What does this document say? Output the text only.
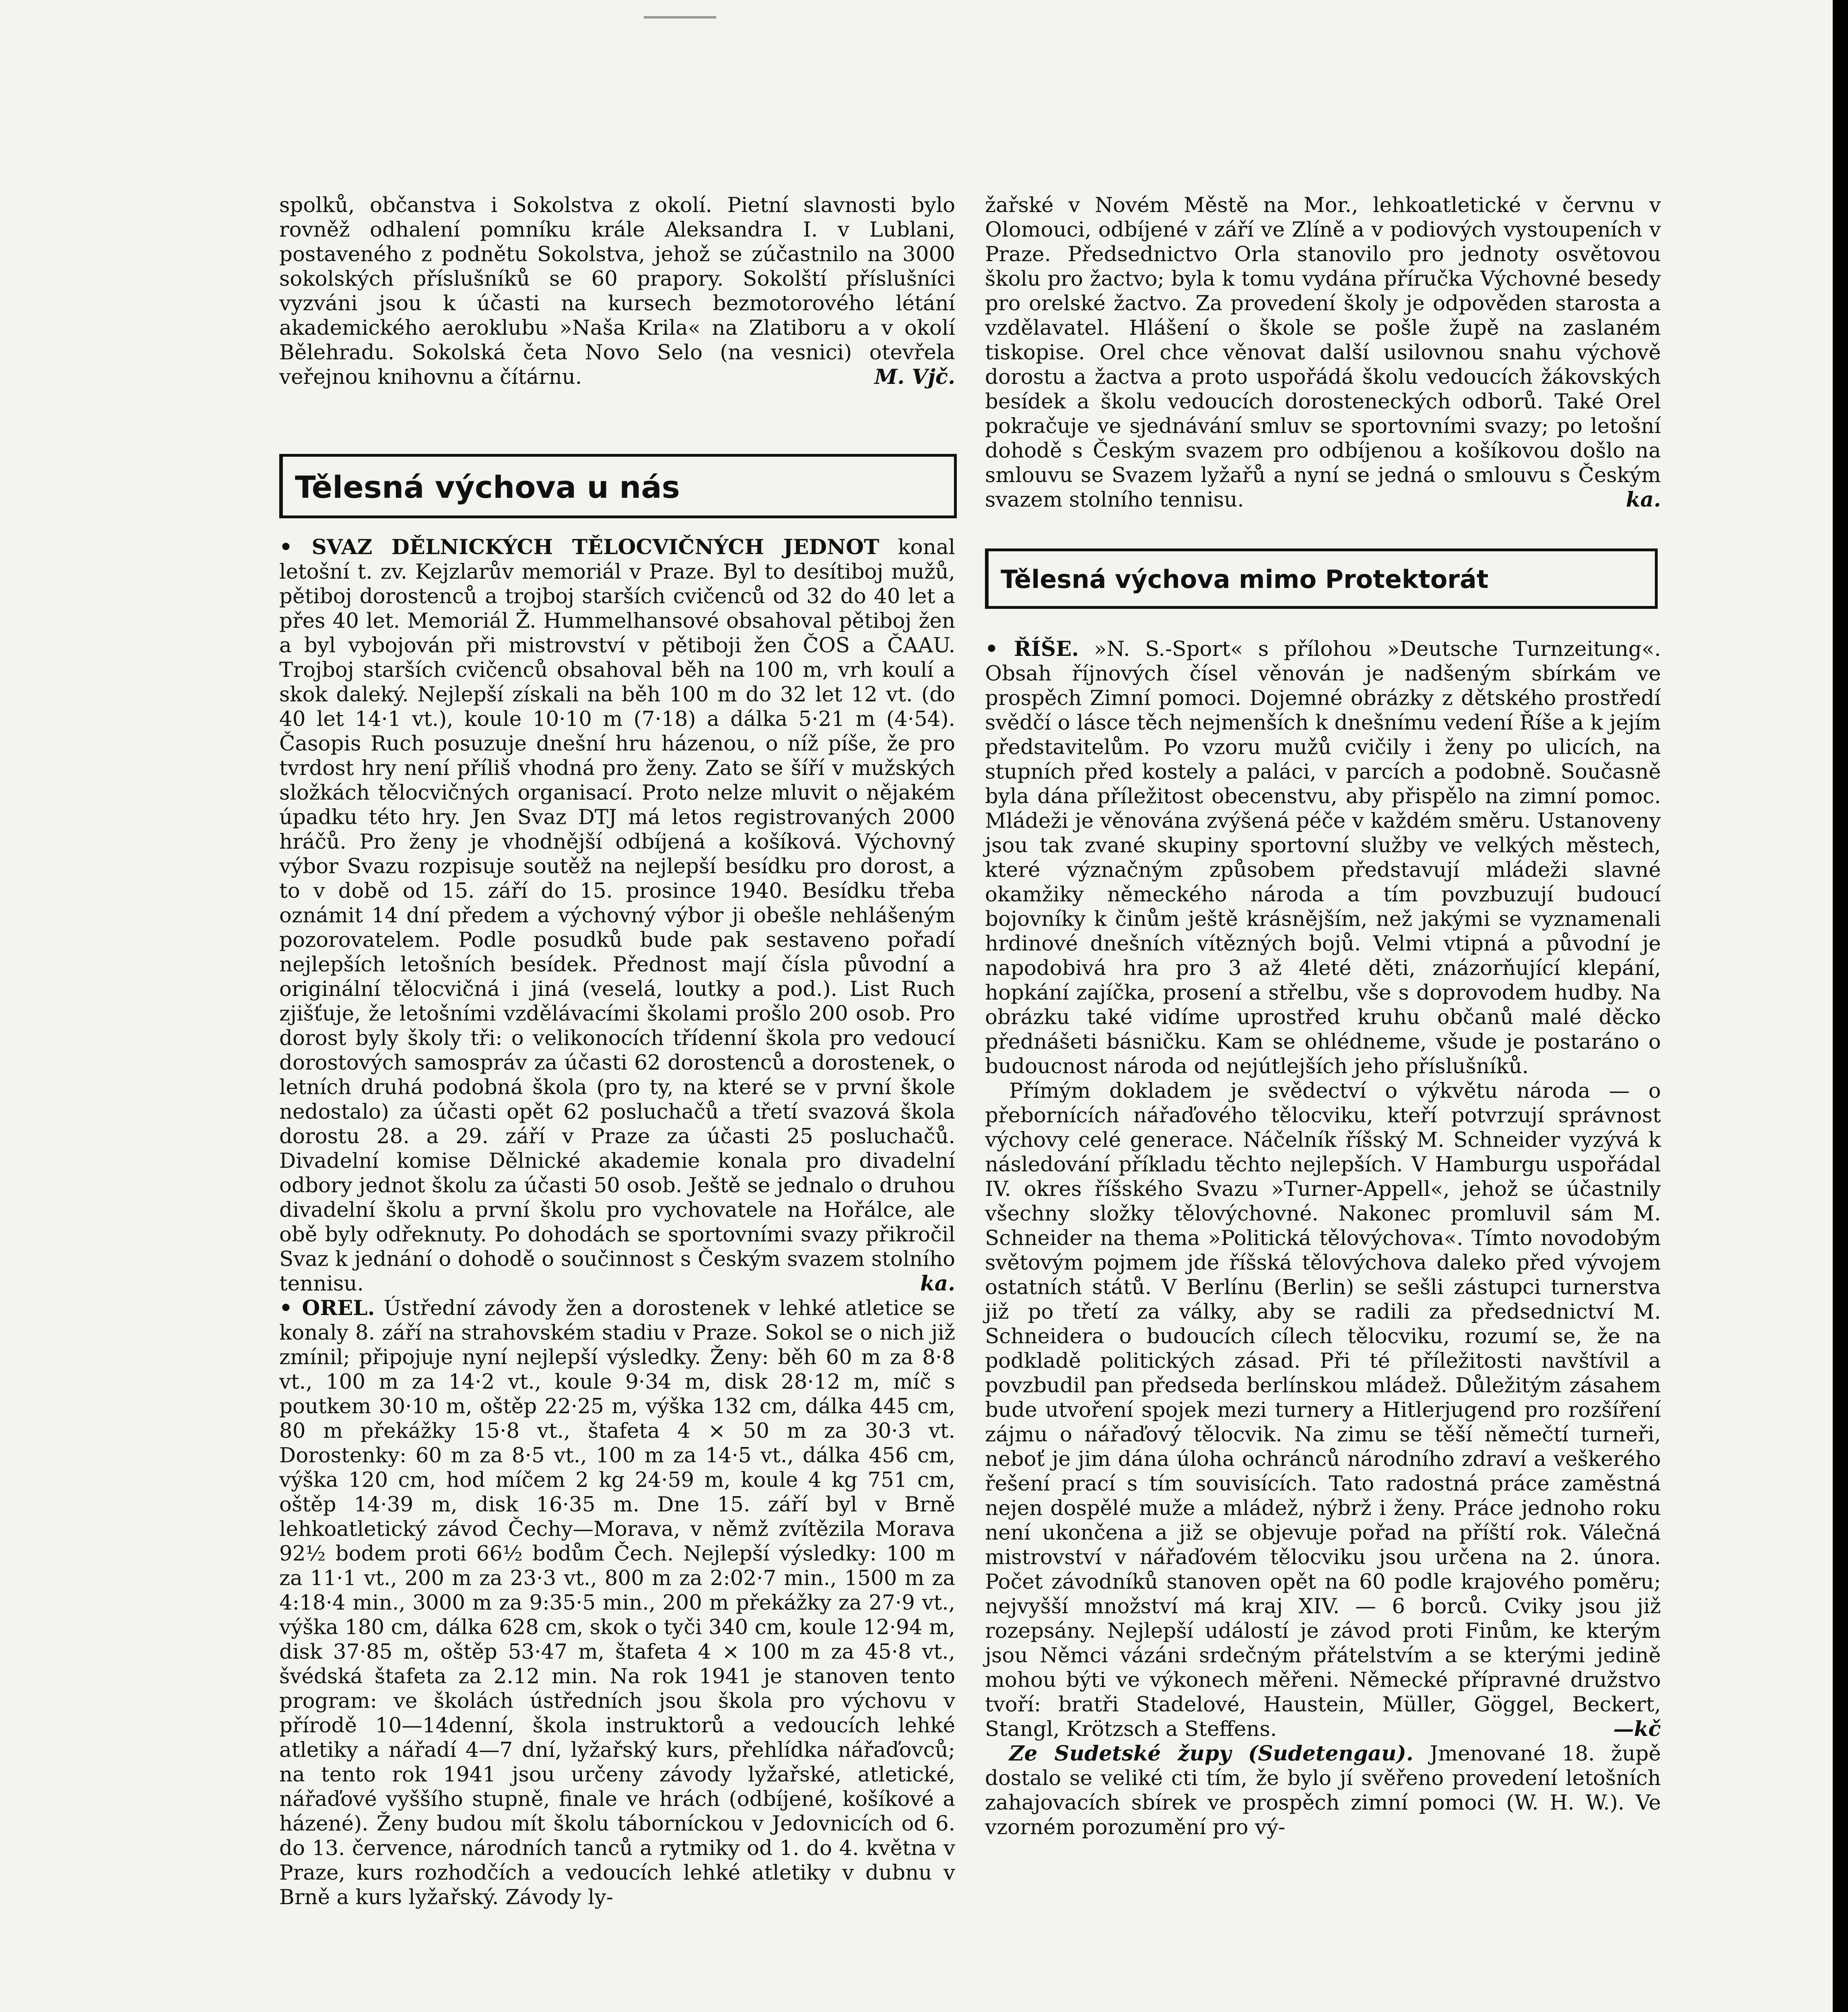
spolků, občanstva i Sokolstva z okolí. Pietní slavnosti bylo rovněž odhalení pomníku krále Aleksandra I. v Lublani, postaveného z podnětu Sokolstva, jehož se zúčastnilo na 3000 sokolských příslušníků se 60 prapory. Sokolští příslušníci vyzváni jsou k účasti na kursech bezmotorového létání akademického aeroklubu »Naša Krila« na Zlatiboru a v okolí Bělehradu. Sokolská četa Novo Selo (na vesnici) otevřela veřejnou knihovnu a čítárnu.	M. Vjč.

Tělesná výchova u nás

• SVAZ DĚLNICKÝCH TĚLOCVIČNÝCH JEDNOT konal letošní t. zv. Kejzlarův memoriál v Praze. Byl to desítiboj mužů, pětiboj dorostenců a trojboj starších cvičenců od 32 do 40 let a přes 40 let. Memoriál Ž. Hummelhansové obsahoval pětiboj žen a byl vybojován při mistrovství v pětiboji žen ČOS a ČAAU. Trojboj starších cvičenců obsahoval běh na 100 m, vrh koulí a skok daleký. Nejlepší získali na běh 100 m do 32 let 12 vt. (do 40 let 14·1 vt.), koule 10·10 m (7·18) a dálka 5·21 m (4·54). Časopis Ruch posuzuje dnešní hru házenou, o níž píše, že pro tvrdost hry není příliš vhodná pro ženy. Zato se šíří v mužských složkách tělocvičných organisací. Proto nelze mluvit o nějakém úpadku této hry. Jen Svaz DTJ má letos registrovaných 2000 hráčů. Pro ženy je vhodnější odbíjená a košíková. Výchovný výbor Svazu rozpisuje soutěž na nejlepší besídku pro dorost, a to v době od 15. září do 15. prosince 1940. Besídku třeba oznámit 14 dní předem a výchovný výbor ji obešle nehlášeným pozorovatelem. Podle posudků bude pak sestaveno pořadí nejlepších letošních besídek. Přednost mají čísla původní a originální tělocvičná i jiná (veselá, loutky a pod.). List Ruch zjišťuje, že letošními vzdělávacími školami prošlo 200 osob. Pro dorost byly školy tři: o velikonocích třídenní škola pro vedoucí dorostových samospráv za účasti 62 dorostenců a dorostenek, o letních druhá podobná škola (pro ty, na které se v první škole nedostalo) za účasti opět 62 posluchačů a třetí svazová škola dorostu 28. a 29. září v Praze za účasti 25 posluchačů. Divadelní komise Dělnické akademie konala pro divadelní odbory jednot školu za účasti 50 osob. Ještě se jednalo o druhou divadelní školu a první školu pro vychovatele na Hořálce, ale obě byly odřeknuty. Po dohodách se sportovními svazy přikročil Svaz k jednání o dohodě o součinnost s Českým svazem stolního tennisu.	ka.

• OREL. Ústřední závody žen a dorostenek v lehké atletice se konaly 8. září na strahovském stadiu v Praze. Sokol se o nich již zmínil; připojuje nyní nejlepší výsledky. Ženy: běh 60 m za 8·8 vt., 100 m za 14·2 vt., koule 9·34 m, disk 28·12 m, míč s poutkem 30·10 m, oštěp 22·25 m, výška 132 cm, dálka 445 cm, 80 m překážky 15·8 vt., štafeta 4 × 50 m za 30·3 vt. Dorostenky: 60 m za 8·5 vt., 100 m za 14·5 vt., dálka 456 cm, výška 120 cm, hod míčem 2 kg 24·59 m, koule 4 kg 751 cm, oštěp 14·39 m, disk 16·35 m. Dne 15. září byl v Brně lehkoatletický závod Čechy—Morava, v němž zvítězila Morava 92½ bodem proti 66½ bodům Čech. Nejlepší výsledky: 100 m za 11·1 vt., 200 m za 23·3 vt., 800 m za 2:02·7 min., 1500 m za 4:18·4 min., 3000 m za 9:35·5 min., 200 m překážky za 27·9 vt., výška 180 cm, dálka 628 cm, skok o tyči 340 cm, koule 12·94 m, disk 37·85 m, oštěp 53·47 m, štafeta 4 × 100 m za 45·8 vt., švédská štafeta za 2.12 min. Na rok 1941 je stanoven tento program: ve školách ústředních jsou škola pro výchovu v přírodě 10—14denní, škola instruktorů a vedoucích lehké atletiky a nářadí 4—7 dní, lyžařský kurs, přehlídka nářaďovců; na tento rok 1941 jsou určeny závody lyžařské, atletické, nářaďové vyššího stupně, finale ve hrách (odbíjené, košíkové a házené). Ženy budou mít školu táborníckou v Jedovnicích od 6. do 13. července, národních tanců a rytmiky od 1. do 4. května v Praze, kurs rozhodčích a vedoucích lehké atletiky v dubnu v Brně a kurs lyžařský. Závody ly-

žařské v Novém Městě na Mor., lehkoatletické v červnu v Olomouci, odbíjené v září ve Zlíně a v podiových vystoupeních v Praze. Předsednictvo Orla stanovilo pro jednoty osvětovou školu pro žactvo; byla k tomu vydána příručka Výchovné besedy pro orelské žactvo. Za provedení školy je odpověden starosta a vzdělavatel. Hlášení o škole se pošle župě na zaslaném tiskopise. Orel chce věnovat další usilovnou snahu výchově dorostu a žactva a proto uspořádá školu vedoucích žákovských besídek a školu vedoucích dorosteneckých odborů. Také Orel pokračuje ve sjednávání smluv se sportovními svazy; po letošní dohodě s Českým svazem pro odbíjenou a košíkovou došlo na smlouvu se Svazem lyžařů a nyní se jedná o smlouvu s Českým svazem stolního tennisu.	ka.

Tělesná výchova mimo Protektorát

• ŘÍŠE. »N. S.-Sport« s přílohou »Deutsche Turnzeitung«. Obsah říjnových čísel věnován je nadšeným sbírkám ve prospěch Zimní pomoci. Dojemné obrázky z dětského prostředí svědčí o lásce těch nejmenších k dnešnímu vedení Říše a k jejím představitelům. Po vzoru mužů cvičily i ženy po ulicích, na stupních před kostely a paláci, v parcích a podobně. Současně byla dána příležitost obecenstvu, aby přispělo na zimní pomoc. Mládeži je věnována zvýšená péče v každém směru. Ustanoveny jsou tak zvané skupiny sportovní služby ve velkých městech, které význačným způsobem představují mládeži slavné okamžiky německého národa a tím povzbuzují budoucí bojovníky k činům ještě krásnějším, než jakými se vyznamenali hrdinové dnešních vítězných bojů. Velmi vtipná a původní je napodobivá hra pro 3 až 4leté děti, znázorňující klepání, hopkání zajíčka, prosení a střelbu, vše s doprovodem hudby. Na obrázku také vidíme uprostřed kruhu občanů malé děcko přednášeti básničku. Kam se ohlédneme, všude je postaráno o budoucnost národa od nejútlejších jeho příslušníků.

Přímým dokladem je svědectví o výkvětu národa — o přebornících nářaďového tělocviku, kteří potvrzují správnost výchovy celé generace. Náčelník říšský M. Schneider vyzývá k následování příkladu těchto nejlepších. V Hamburgu uspořádal IV. okres říšského Svazu »Turner-Appell«, jehož se účastnily všechny složky tělovýchovné. Nakonec promluvil sám M. Schneider na thema »Politická tělovýchova«. Tímto novodobým světovým pojmem jde říšská tělovýchova daleko před vývojem ostatních států. V Berlínu (Berlin) se sešli zástupci turnerstva již po třetí za války, aby se radili za předsednictví M. Schneidera o budoucích cílech tělocviku, rozumí se, že na podkladě politických zásad. Při té příležitosti navštívil a povzbudil pan předseda berlínskou mládež. Důležitým zásahem bude utvoření spojek mezi turnery a Hitlerjugend pro rozšíření zájmu o nářaďový tělocvik. Na zimu se těší němečtí turneři, neboť je jim dána úloha ochránců národního zdraví a veškerého řešení prací s tím souvisících. Tato radostná práce zaměstná nejen dospělé muže a mládež, nýbrž i ženy. Práce jednoho roku není ukončena a již se objevuje pořad na příští rok. Válečná mistrovství v nářaďovém tělocviku jsou určena na 2. února. Počet závodníků stanoven opět na 60 podle krajového poměru; nejvyšší množství má kraj XIV. — 6 borců. Cviky jsou již rozepsány. Nejlepší událostí je závod proti Finům, ke kterým jsou Němci vázáni srdečným přátelstvím a se kterými jedině mohou býti ve výkonech měřeni. Německé přípravné družstvo tvoří: bratři Stadelové, Haustein, Müller, Göggel, Beckert, Stangl, Krötzsch a Steffens.	—kč

Ze Sudetské župy (Sudetengau). Jmenované 18. župě dostalo se veliké cti tím, že bylo jí svěřeno provedení letošních zahajovacích sbírek ve prospěch zimní pomoci (W. H. W.). Ve vzorném porozumění pro vý-
